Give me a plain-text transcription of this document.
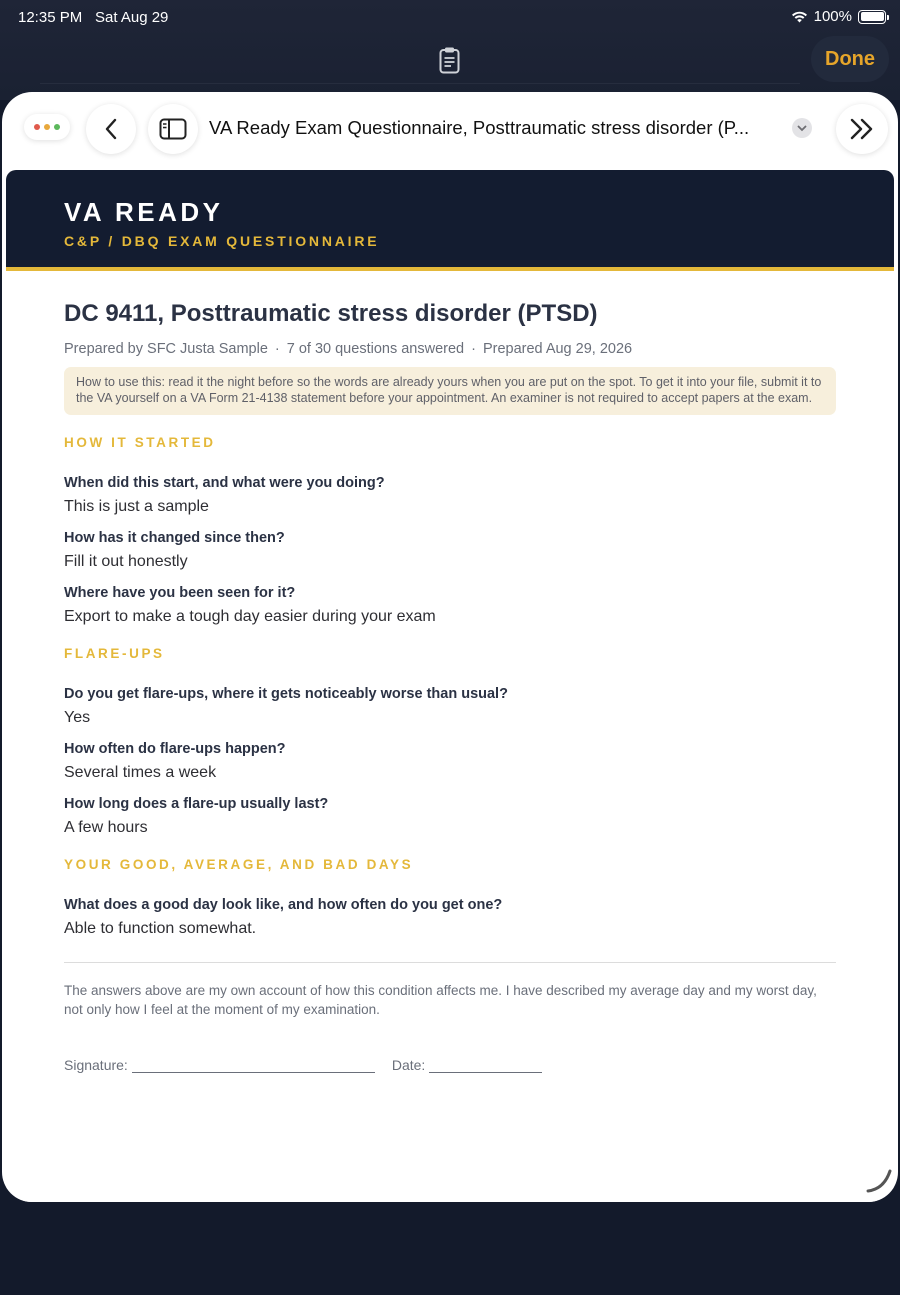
12:35 PM Sat Aug 29	100%
Done
VA Ready Exam Questionnaire, Posttraumatic stress disorder (P...
VA READY
C&P / DBQ EXAM QUESTIONNAIRE
DC 9411, Posttraumatic stress disorder (PTSD)
Prepared by SFC Justa Sample · 7 of 30 questions answered · Prepared Aug 29, 2026
How to use this: read it the night before so the words are already yours when you are put on the spot. To get it into your file, submit it to the VA yourself on a VA Form 21-4138 statement before your appointment. An examiner is not required to accept papers at the exam.
HOW IT STARTED
When did this start, and what were you doing?
This is just a sample
How has it changed since then?
Fill it out honestly
Where have you been seen for it?
Export to make a tough day easier during your exam
FLARE-UPS
Do you get flare-ups, where it gets noticeably worse than usual?
Yes
How often do flare-ups happen?
Several times a week
How long does a flare-up usually last?
A few hours
YOUR GOOD, AVERAGE, AND BAD DAYS
What does a good day look like, and how often do you get one?
Able to function somewhat.
The answers above are my own account of how this condition affects me. I have described my average day and my worst day, not only how I feel at the moment of my examination.
Signature:	Date:
